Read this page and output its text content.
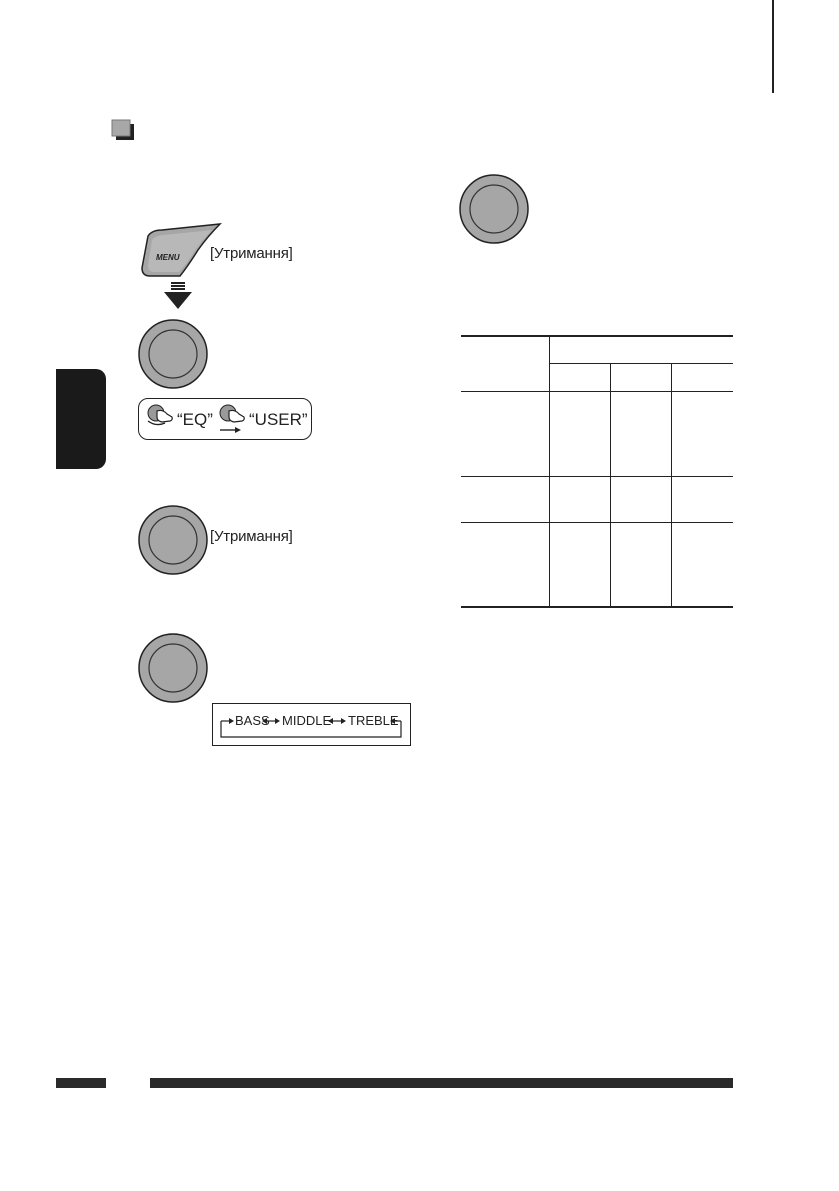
MENU [Утримання]
“EQ” “USER”
[Утримання]
BASS MIDDLE TREBLE
